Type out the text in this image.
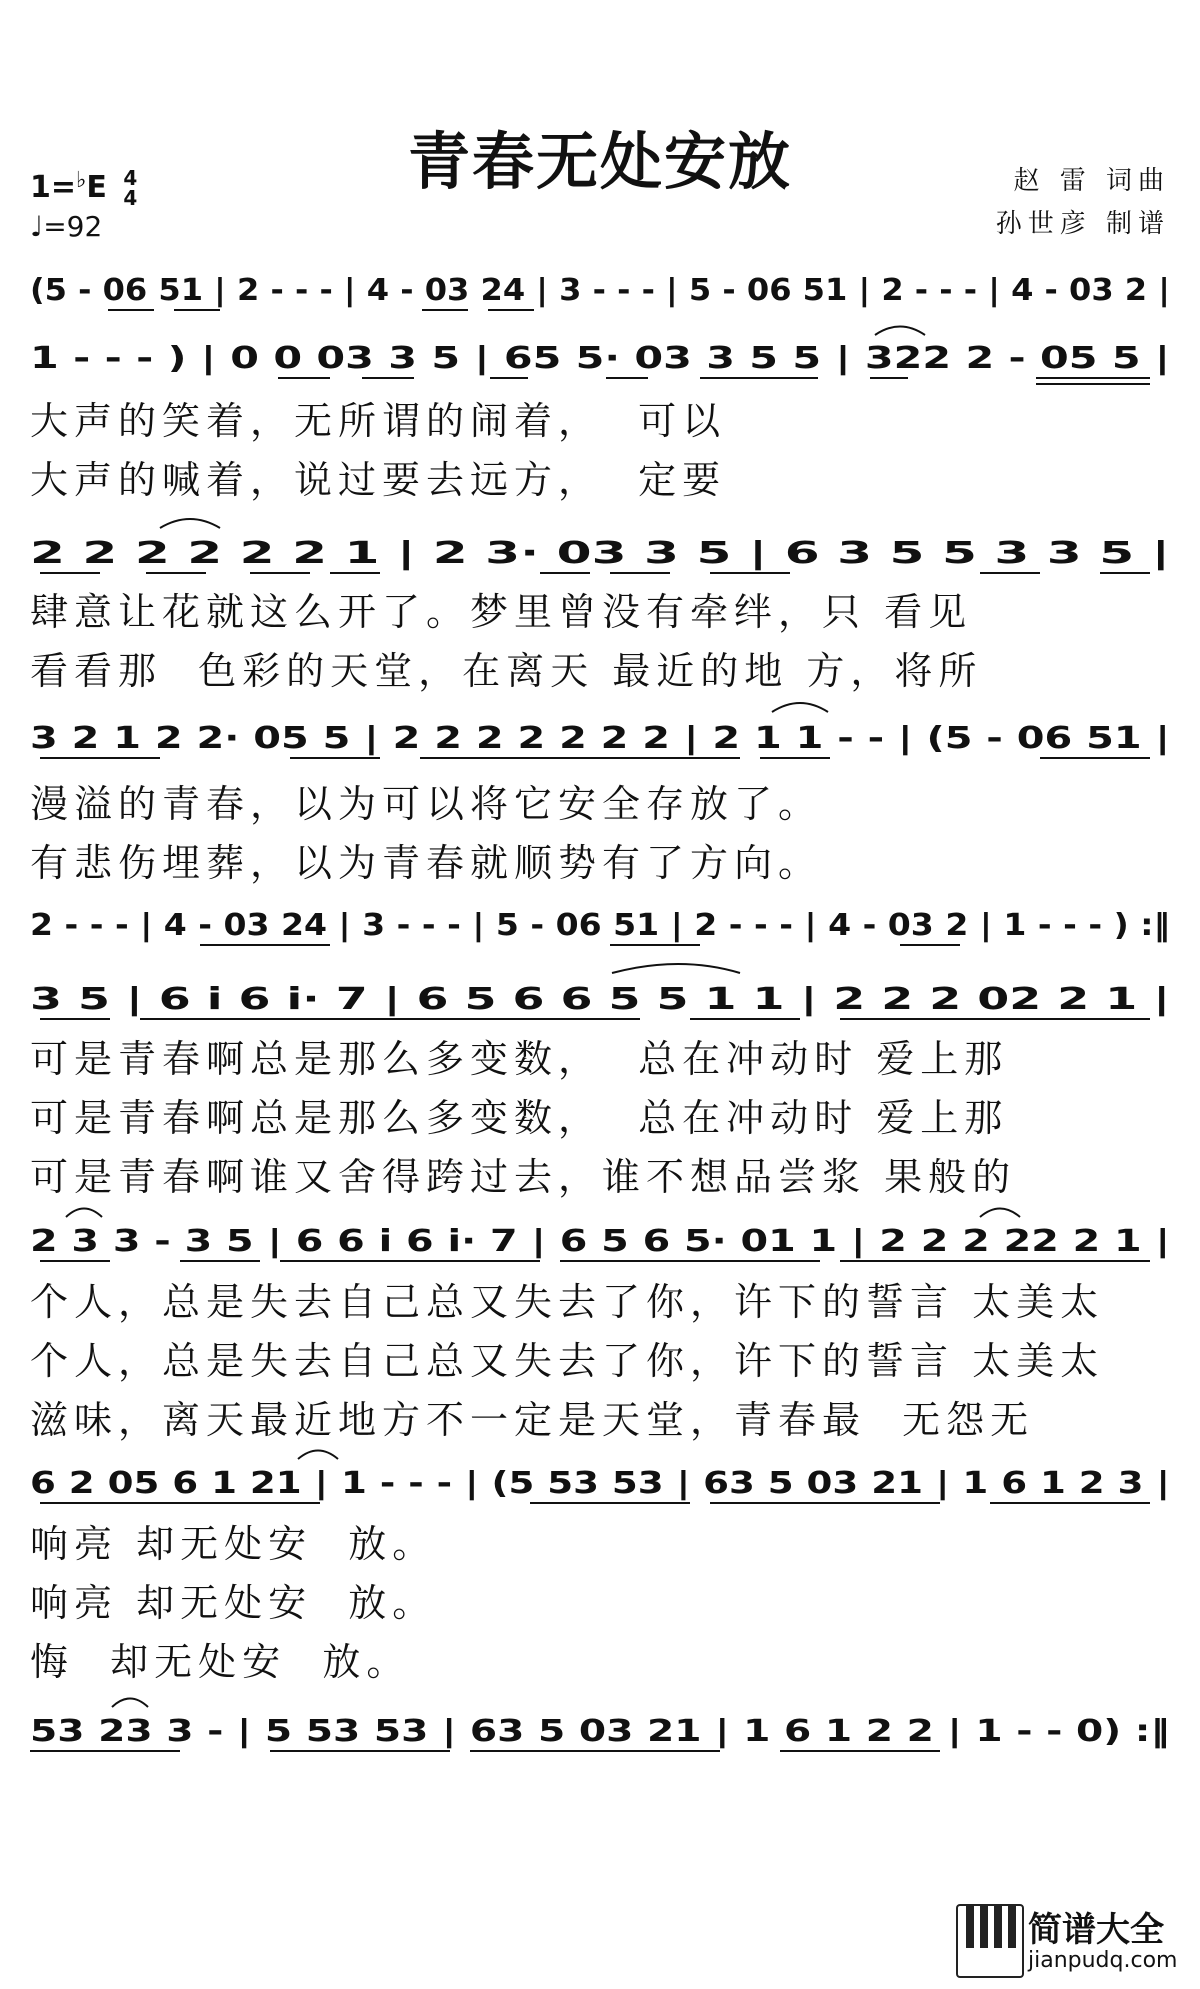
青春无处安放
1=♭E 4
4
♩=92
赵 雷 词曲
孙世彦 制谱
(5 - 06 51 | 2 - - - | 4 - 03 24 | 3 - - - | 5 - 06 51 | 2 - - - | 4 - 03 2 |
1 - - - ) | 0 0 03 3 5 | 65 5· 03 3 5 5 | 322 2 - 05 5 |
2 2 2 2 2 2 1 | 2 3· 03 3 5 | 6 3 5 5 3 3 5 |
3 2 1 2 2· 05 5 | 2 2 2 2 2 2 2 | 2 1 1 - - | (5 - 06 51 |
2 - - - | 4 - 03 24 | 3 - - - | 5 - 06 51 | 2 - - - | 4 - 03 2 | 1 - - - ) :‖
3 5 | 6 i 6 i· 7 | 6 5 6 6 5 5 1 1 | 2 2 2 02 2 1 |
2 3 3 - 3 5 | 6 6 i 6 i· 7 | 6 5 6 5· 01 1 | 2 2 2 22 2 1 |
6 2 05 6 1 21 | 1 - - - | (5 53 53 | 63 5 03 21 | 1 6 1 2 3 |
53 23 3 - | 5 53 53 | 63 5 03 21 | 1 6 1 2 2 | 1 - - 0) :‖
大声的笑着，无所谓的闹着，  可以
大声的喊着，说过要去远方，  定要
肆意让花就这么开了。梦里曾没有牵绊，只 看见
看看那  色彩的天堂，在离天 最近的地 方，将所
漫溢的青春，以为可以将它安全存放了。
有悲伤埋葬，以为青春就顺势有了方向。
可是青春啊总是那么多变数，  总在冲动时 爱上那
可是青春啊总是那么多变数，  总在冲动时 爱上那
可是青春啊谁又舍得跨过去，谁不想品尝浆 果般的
个人，总是失去自己总又失去了你，许下的誓言 太美太
个人，总是失去自己总又失去了你，许下的誓言 太美太
滋味，离天最近地方不一定是天堂，青春最  无怨无
响亮 却无处安  放。
响亮 却无处安  放。
悔  却无处安  放。
简谱大全
jianpudq.com
